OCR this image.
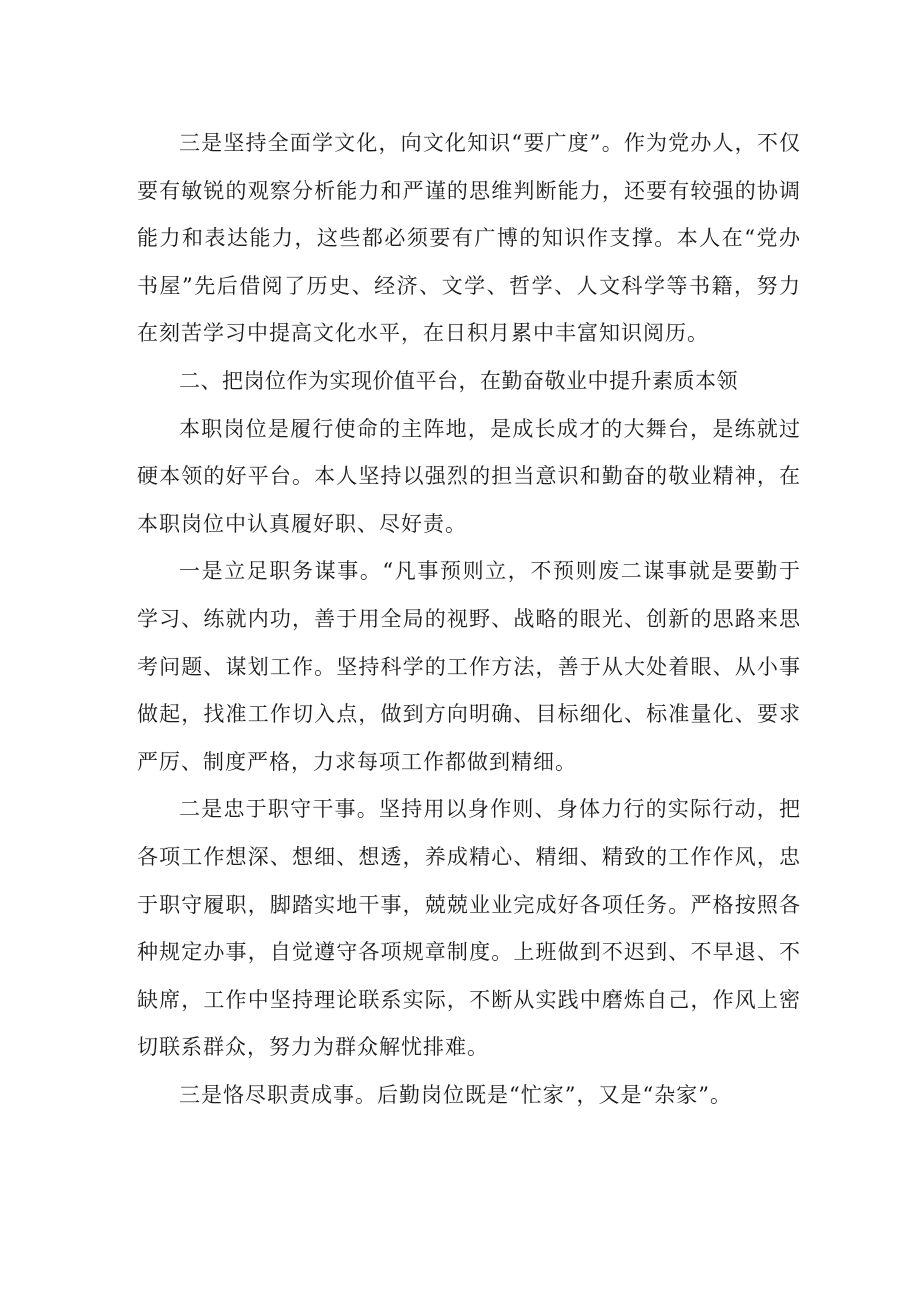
三是坚持全面学文化，向文化知识“要广度”。作为党办人，不仅要有敏锐的观察分析能力和严谨的思维判断能力，还要有较强的协调能力和表达能力，这些都必须要有广博的知识作支撑。本人在“党办书屋”先后借阅了历史、经济、文学、哲学、人文科学等书籍，努力在刻苦学习中提高文化水平，在日积月累中丰富知识阅历。

二、把岗位作为实现价值平台，在勤奋敬业中提升素质本领

本职岗位是履行使命的主阵地，是成长成才的大舞台，是练就过硬本领的好平台。本人坚持以强烈的担当意识和勤奋的敬业精神，在本职岗位中认真履好职、尽好责。

一是立足职务谋事。“凡事预则立，不预则废二谋事就是要勤于学习、练就内功，善于用全局的视野、战略的眼光、创新的思路来思考问题、谋划工作。坚持科学的工作方法，善于从大处着眼、从小事做起，找准工作切入点，做到方向明确、目标细化、标准量化、要求严厉、制度严格，力求每项工作都做到精细。

二是忠于职守干事。坚持用以身作则、身体力行的实际行动，把各项工作想深、想细、想透，养成精心、精细、精致的工作作风，忠于职守履职，脚踏实地干事，兢兢业业完成好各项任务。严格按照各种规定办事，自觉遵守各项规章制度。上班做到不迟到、不早退、不缺席，工作中坚持理论联系实际，不断从实践中磨炼自己，作风上密切联系群众，努力为群众解忧排难。

三是恪尽职责成事。后勤岗位既是“忙家”，又是“杂家”。
